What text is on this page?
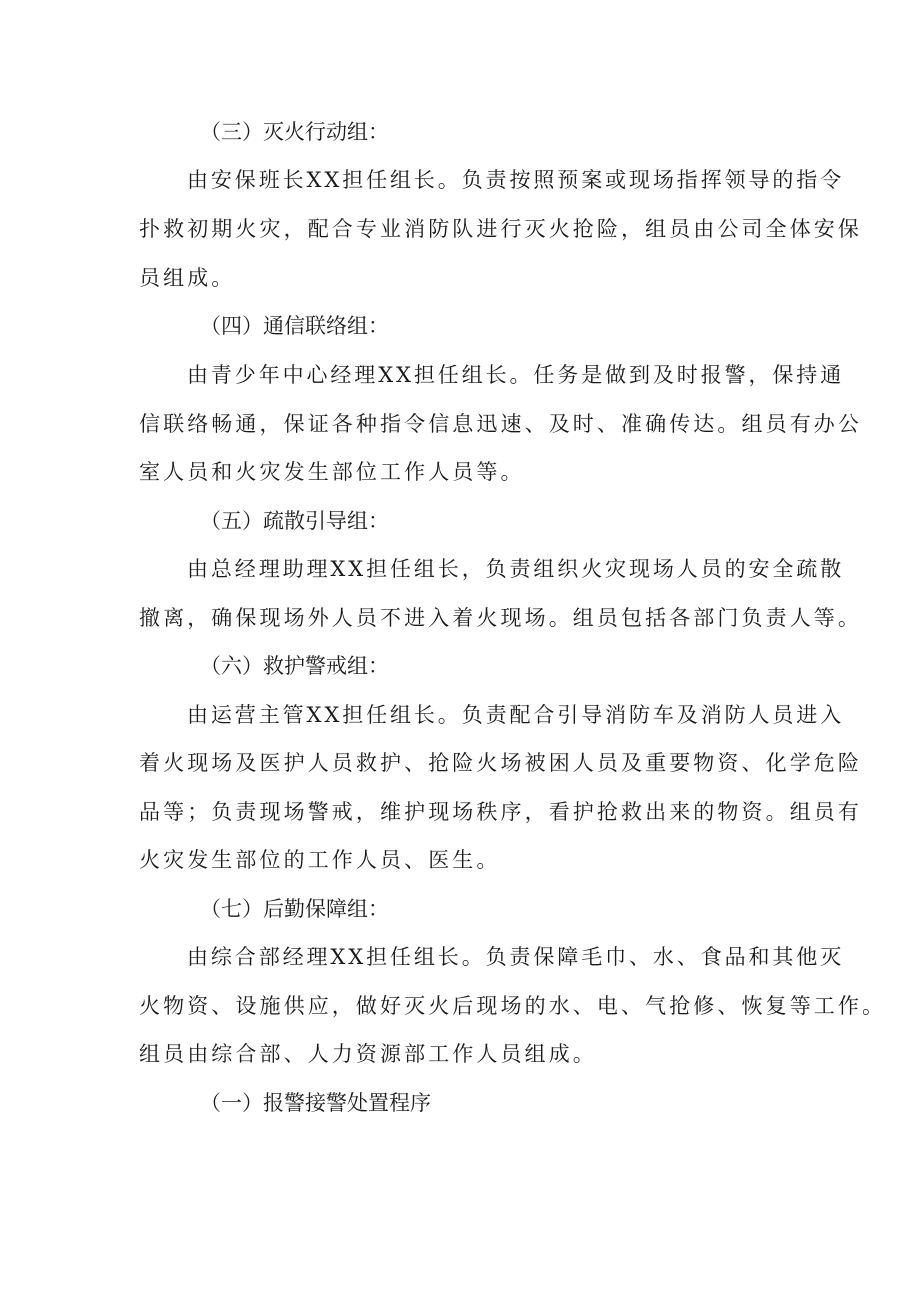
（三）灭火行动组：
由安保班长XX担任组长。负责按照预案或现场指挥领导的指令
扑救初期火灾，配合专业消防队进行灭火抢险，组员由公司全体安保
员组成。
（四）通信联络组：
由青少年中心经理XX担任组长。任务是做到及时报警，保持通
信联络畅通，保证各种指令信息迅速、及时、准确传达。组员有办公
室人员和火灾发生部位工作人员等。
（五）疏散引导组：
由总经理助理XX担任组长，负责组织火灾现场人员的安全疏散
撤离，确保现场外人员不进入着火现场。组员包括各部门负责人等。
（六）救护警戒组：
由运营主管XX担任组长。负责配合引导消防车及消防人员进入
着火现场及医护人员救护、抢险火场被困人员及重要物资、化学危险
品等；负责现场警戒，维护现场秩序，看护抢救出来的物资。组员有
火灾发生部位的工作人员、医生。
（七）后勤保障组：
由综合部经理XX担任组长。负责保障毛巾、水、食品和其他灭
火物资、设施供应，做好灭火后现场的水、电、气抢修、恢复等工作。
组员由综合部、人力资源部工作人员组成。
（一）报警接警处置程序
